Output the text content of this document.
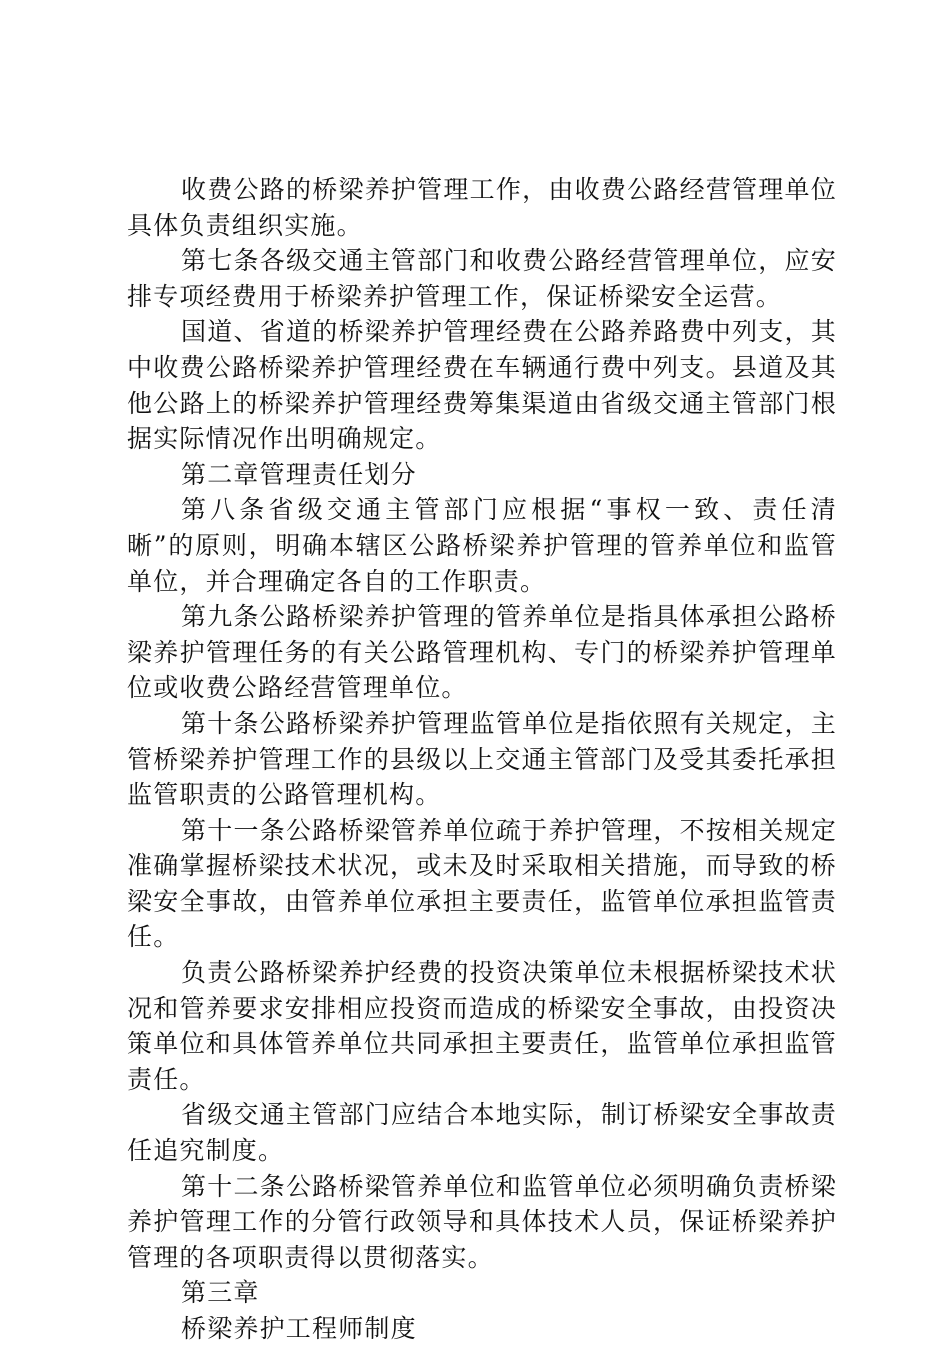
收费公路的桥梁养护管理工作，由收费公路经营管理单位具体负责组织实施。

第七条各级交通主管部门和收费公路经营管理单位，应安排专项经费用于桥梁养护管理工作，保证桥梁安全运营。

国道、省道的桥梁养护管理经费在公路养路费中列支，其中收费公路桥梁养护管理经费在车辆通行费中列支。县道及其他公路上的桥梁养护管理经费筹集渠道由省级交通主管部门根据实际情况作出明确规定。

第二章管理责任划分

第八条省级交通主管部门应根据“事权一致、责任清晰”的原则，明确本辖区公路桥梁养护管理的管养单位和监管单位，并合理确定各自的工作职责。

第九条公路桥梁养护管理的管养单位是指具体承担公路桥梁养护管理任务的有关公路管理机构、专门的桥梁养护管理单位或收费公路经营管理单位。

第十条公路桥梁养护管理监管单位是指依照有关规定，主管桥梁养护管理工作的县级以上交通主管部门及受其委托承担监管职责的公路管理机构。

第十一条公路桥梁管养单位疏于养护管理，不按相关规定准确掌握桥梁技术状况，或未及时采取相关措施，而导致的桥梁安全事故，由管养单位承担主要责任，监管单位承担监管责任。

负责公路桥梁养护经费的投资决策单位未根据桥梁技术状况和管养要求安排相应投资而造成的桥梁安全事故，由投资决策单位和具体管养单位共同承担主要责任，监管单位承担监管责任。

省级交通主管部门应结合本地实际，制订桥梁安全事故责任追究制度。

第十二条公路桥梁管养单位和监管单位必须明确负责桥梁养护管理工作的分管行政领导和具体技术人员，保证桥梁养护管理的各项职责得以贯彻落实。

第三章

桥梁养护工程师制度
